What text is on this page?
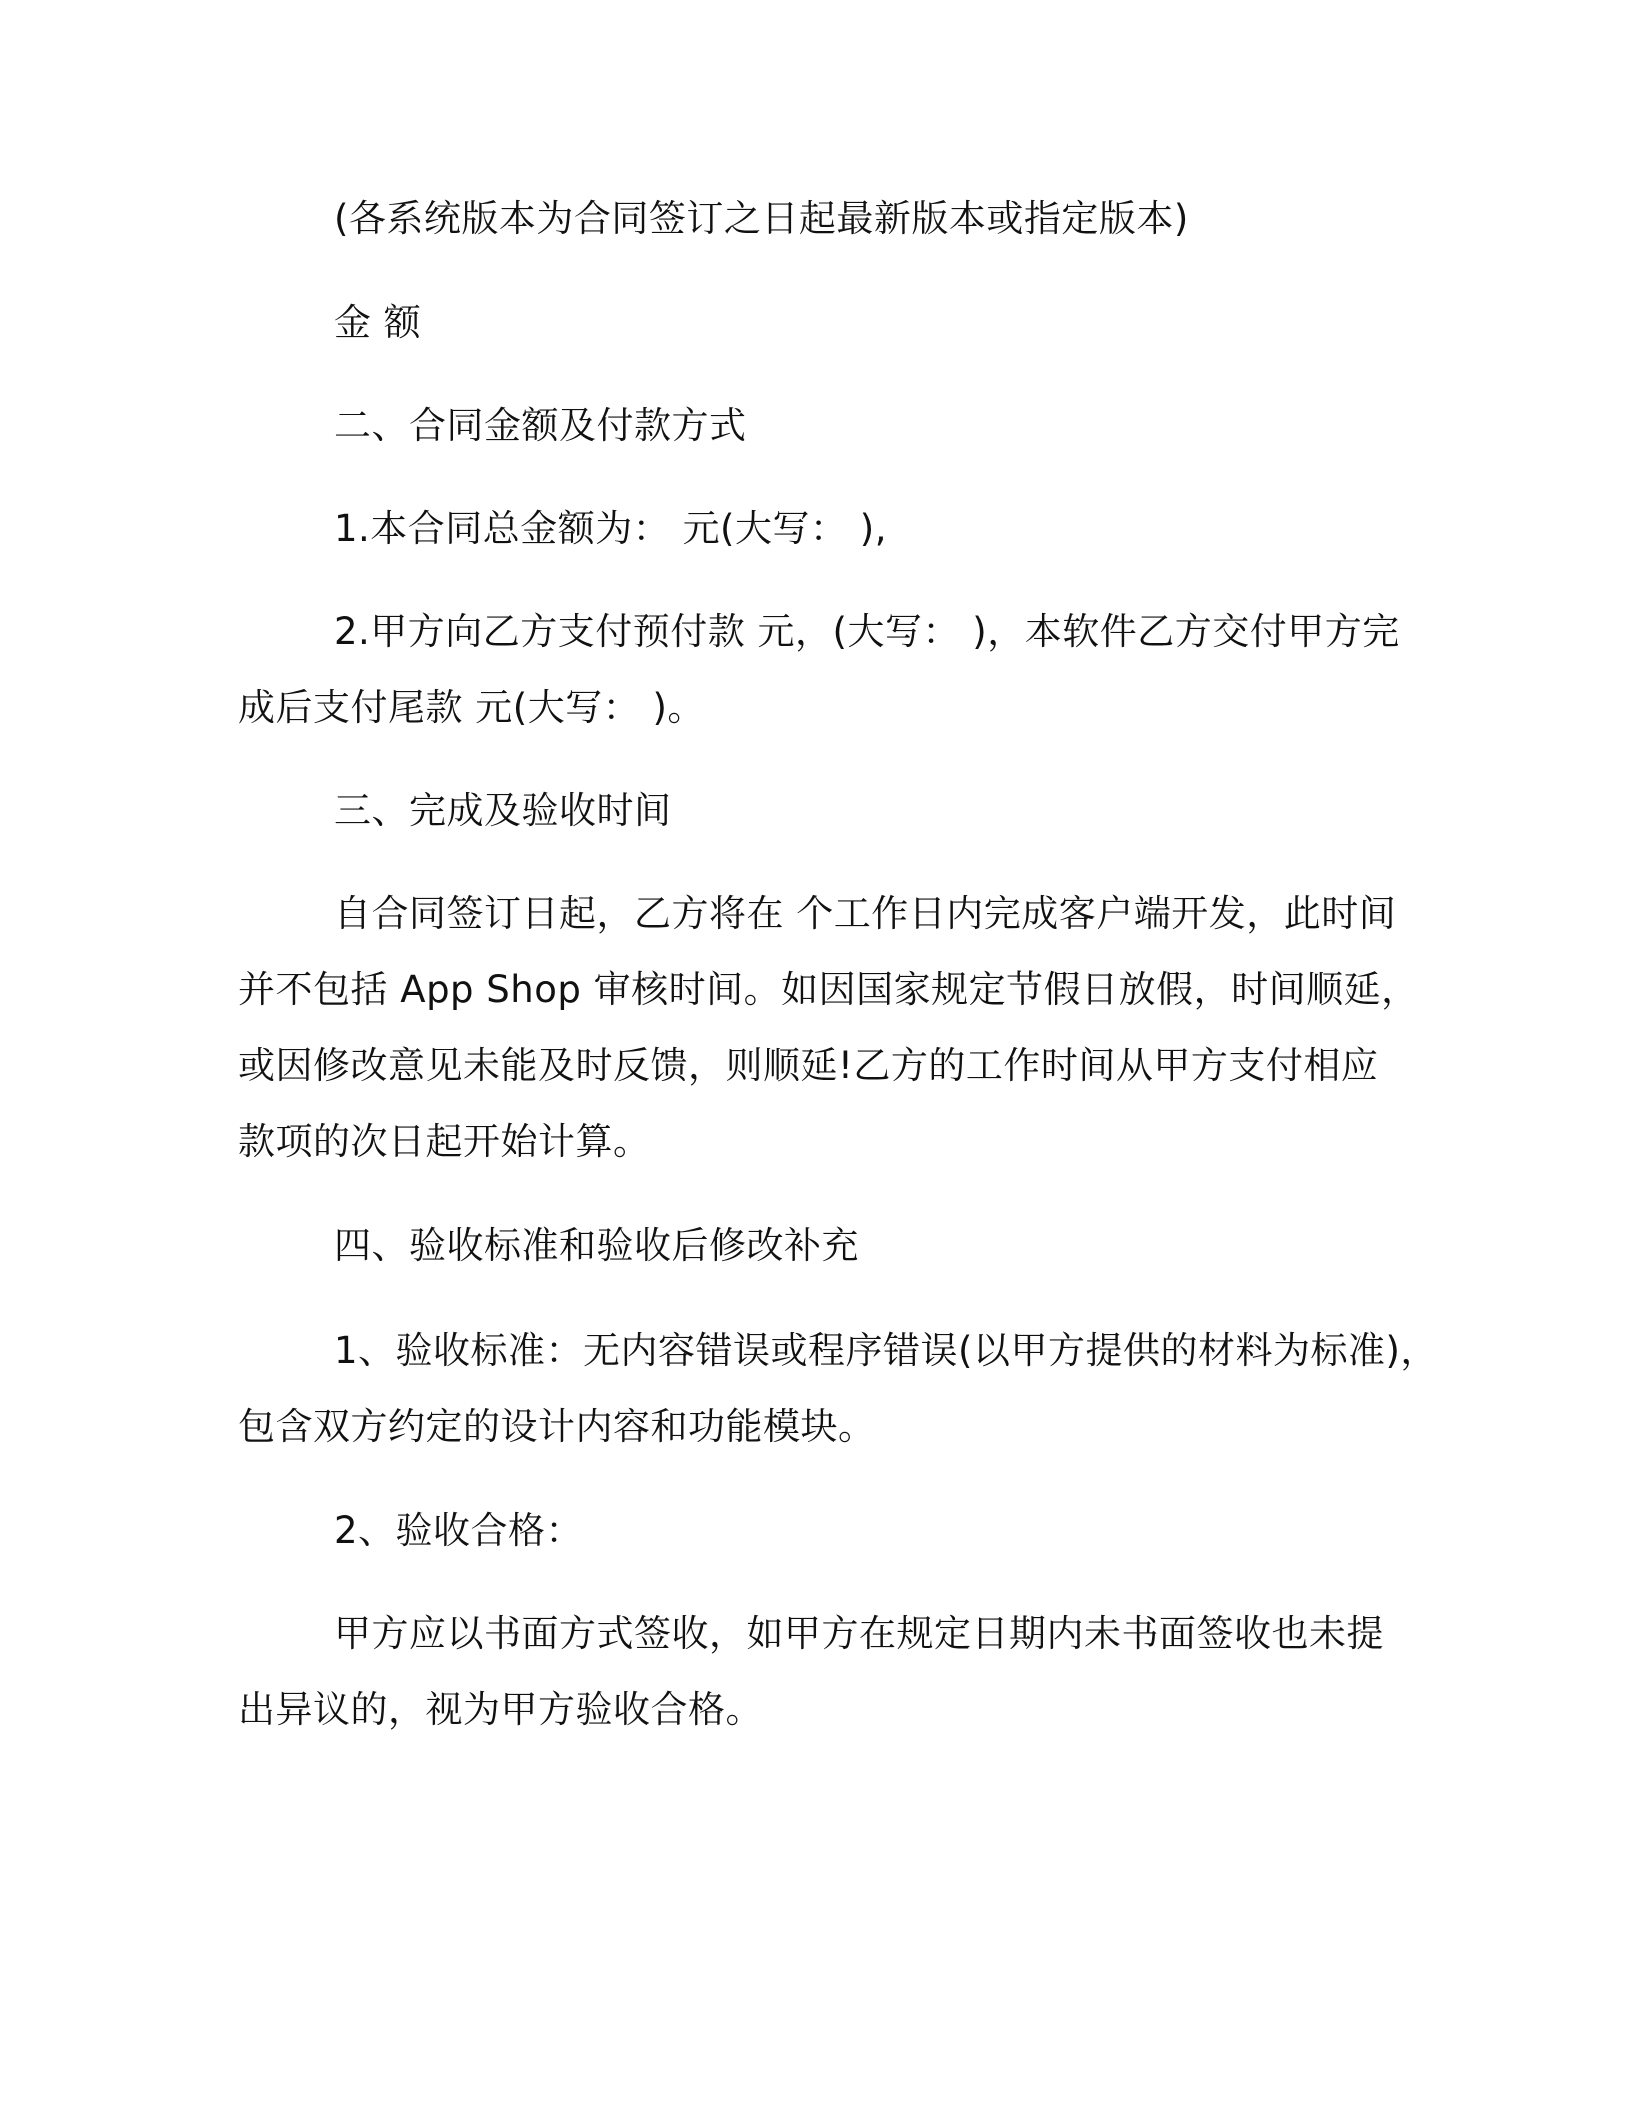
(各系统版本为合同签订之日起最新版本或指定版本)
金 额
二、合同金额及付款方式
1.本合同总金额为： 元(大写： ),
2.甲方向乙方支付预付款 元，(大写： )，本软件乙方交付甲方完
成后支付尾款 元(大写： )。
三、完成及验收时间
自合同签订日起，乙方将在 个工作日内完成客户端开发，此时间
并不包括 App Shop 审核时间。如因国家规定节假日放假，时间顺延，
或因修改意见未能及时反馈，则顺延!乙方的工作时间从甲方支付相应
款项的次日起开始计算。
四、验收标准和验收后修改补充
1、验收标准：无内容错误或程序错误(以甲方提供的材料为标准)，
包含双方约定的设计内容和功能模块。
2、验收合格：
甲方应以书面方式签收，如甲方在规定日期内未书面签收也未提
出异议的，视为甲方验收合格。
